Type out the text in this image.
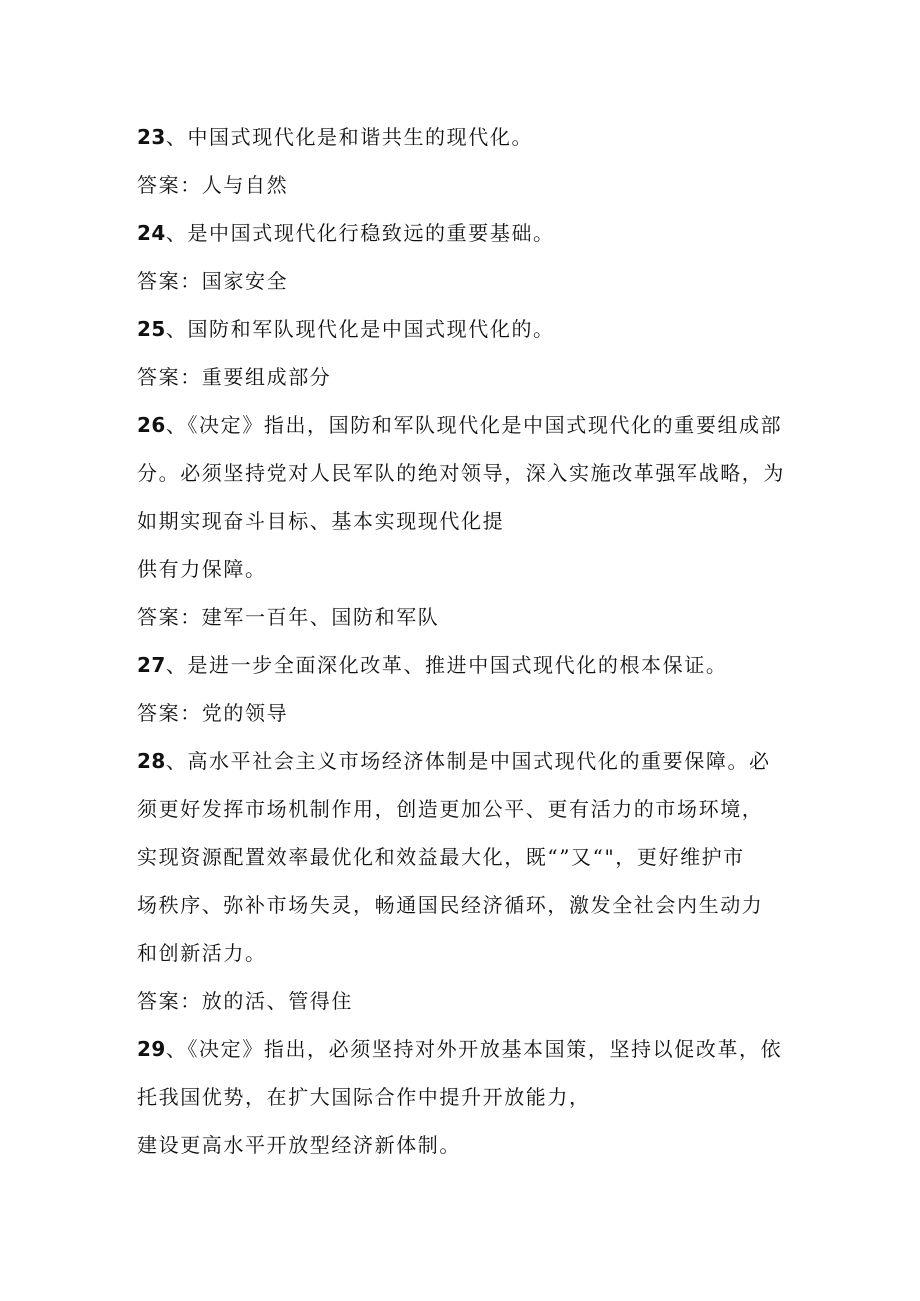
23、中国式现代化是和谐共生的现代化。
答案：人与自然
24、是中国式现代化行稳致远的重要基础。
答案：国家安全
25、国防和军队现代化是中国式现代化的。
答案：重要组成部分
26、《决定》指出，国防和军队现代化是中国式现代化的重要组成部
分。必须坚持党对人民军队的绝对领导，深入实施改革强军战略，为
如期实现奋斗目标、基本实现现代化提
供有力保障。
答案：建军一百年、国防和军队
27、是进一步全面深化改革、推进中国式现代化的根本保证。
答案：党的领导
28、高水平社会主义市场经济体制是中国式现代化的重要保障。必
须更好发挥市场机制作用，创造更加公平、更有活力的市场环境，
实现资源配置效率最优化和效益最大化，既“”又“"，更好维护市
场秩序、弥补市场失灵，畅通国民经济循环，激发全社会内生动力
和创新活力。
答案：放的活、管得住
29、《决定》指出，必须坚持对外开放基本国策，坚持以促改革，依
托我国优势，在扩大国际合作中提升开放能力，
建设更高水平开放型经济新体制。
